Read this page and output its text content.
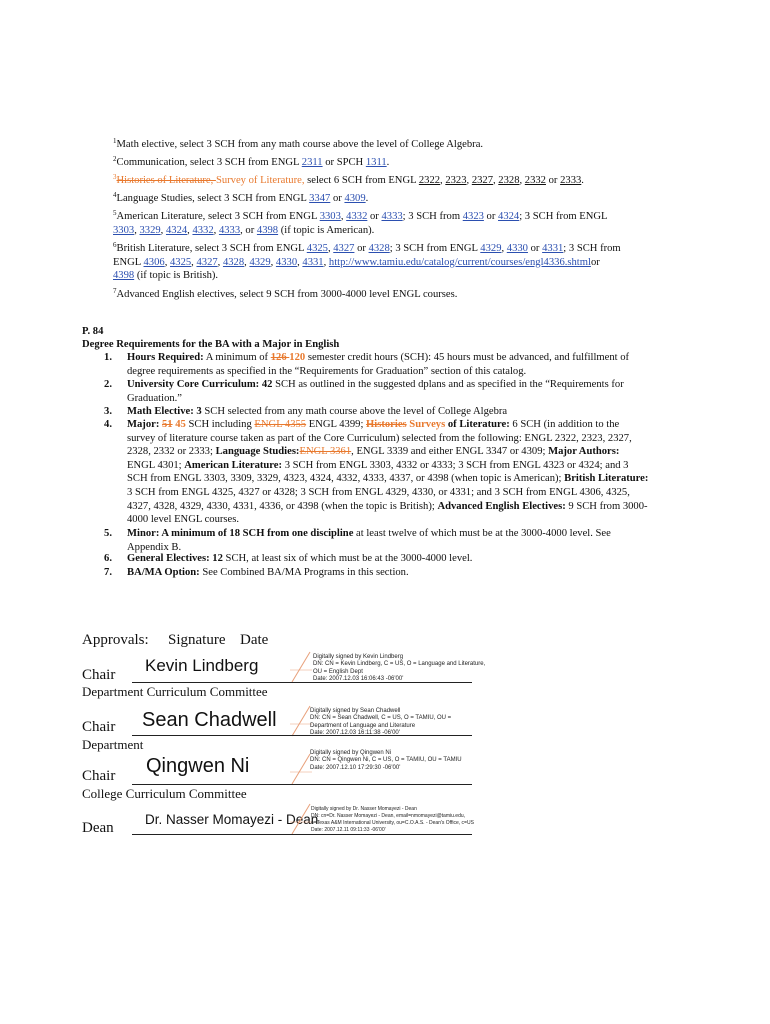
$^1$Math elective, select 3 SCH from any math course above the level of College Algebra.
$^2$Communication, select 3 SCH from ENGL 2311 or SPCH 1311.
$^3$Histories of Literature, Survey of Literature, select 6 SCH from ENGL 2322, 2323, 2327, 2328, 2332 or 2333.
$^4$Language Studies, select 3 SCH from ENGL 3347 or 4309.
$^5$American Literature, select 3 SCH from ENGL 3303, 4332 or 4333; 3 SCH from 4323 or 4324; 3 SCH from ENGL
3303, 3329, 4324, 4332, 4333, or 4398 (if topic is American).
$^6$British Literature, select 3 SCH from ENGL 4325, 4327 or 4328; 3 SCH from ENGL 4329, 4330 or 4331; 3 SCH from
ENGL 4306, 4325, 4327, 4328, 4329, 4330, 4331, http://www.tamiu.edu/catalog/current/courses/engl4336.shtmlor
4398 (if topic is British).
$^7$Advanced English electives, select 9 SCH from 3000-4000 level ENGL courses.
P. 84
Degree Requirements for the BA with a Major in English
1. Hours Required: A minimum of 126 120 semester credit hours (SCH): 45 hours must be advanced, and fulfillment of
degree requirements as specified in the “Requirements for Graduation” section of this catalog.
2. University Core Curriculum: 42 SCH as outlined in the suggested dplans and as specified in the “Requirements for
Graduation.”
3. Math Elective: 3 SCH selected from any math course above the level of College Algebra
4. Major: 51 45 SCH including ENGL 4355 ENGL 4399; Histories Surveys of Literature: 6 SCH (in addition to the
survey of literature course taken as part of the Core Curriculum) selected from the following: ENGL 2322, 2323, 2327,
2328, 2332 or 2333; Language Studies:ENGL 3361, ENGL 3339 and either ENGL 3347 or 4309; Major Authors:
ENGL 4301; American Literature: 3 SCH from ENGL 3303, 4332 or 4333; 3 SCH from ENGL 4323 or 4324; and 3
SCH from ENGL 3303, 3309, 3329, 4323, 4324, 4332, 4333, 4337, or 4398 (when topic is American); British Literature:
3 SCH from ENGL 4325, 4327 or 4328; 3 SCH from ENGL 4329, 4330, or 4331; and 3 SCH from ENGL 4306, 4325,
4327, 4328, 4329, 4330, 4331, 4336, or 4398 (when the topic is British); Advanced English Electives: 9 SCH from 3000-
4000 level ENGL courses.
5. Minor: A minimum of 18 SCH from one discipline at least twelve of which must be at the 3000-4000 level. See
Appendix B.
6. General Electives: 12 SCH, at least six of which must be at the 3000-4000 level.
7. BA/MA Option: See Combined BA/MA Programs in this section.
Approvals: Signature Date
Chair Kevin Lindberg	Digitally signed by Kevin Lindberg
DN: CN = Kevin Lindberg, C = US, O = Language and Literature,
OU = English Dept
Date: 2007.12.03 16:06:43 -06'00'
Department Curriculum Committee
Chair Sean Chadwell	Digitally signed by Sean Chadwell
DN: CN = Sean Chadwell, C = US, O = TAMIU, OU =
Department of Language and Literature
Date: 2007.12.03 16:11:38 -06'00'
Department
Chair Qingwen Ni
Digitally signed by Qingwen Ni
DN: CN = Qingwen Ni, C = US, O = TAMIU, OU = TAMIU
Date: 2007.12.10 17:29:30 -06'00'
College Curriculum Committee
Dean
Dr. Nasser Momayezi - Dean
Digitally signed by Dr. Nasser Momayezi - Dean
DN: cn=Dr. Nasser Momayezi - Dean, email=nmomayezi@tamiu.edu,
o=Texas A&M International University, ou=C.O.A.S. - Dean's Office, c=US
Date: 2007.12.11 09:11:33 -06'00'
